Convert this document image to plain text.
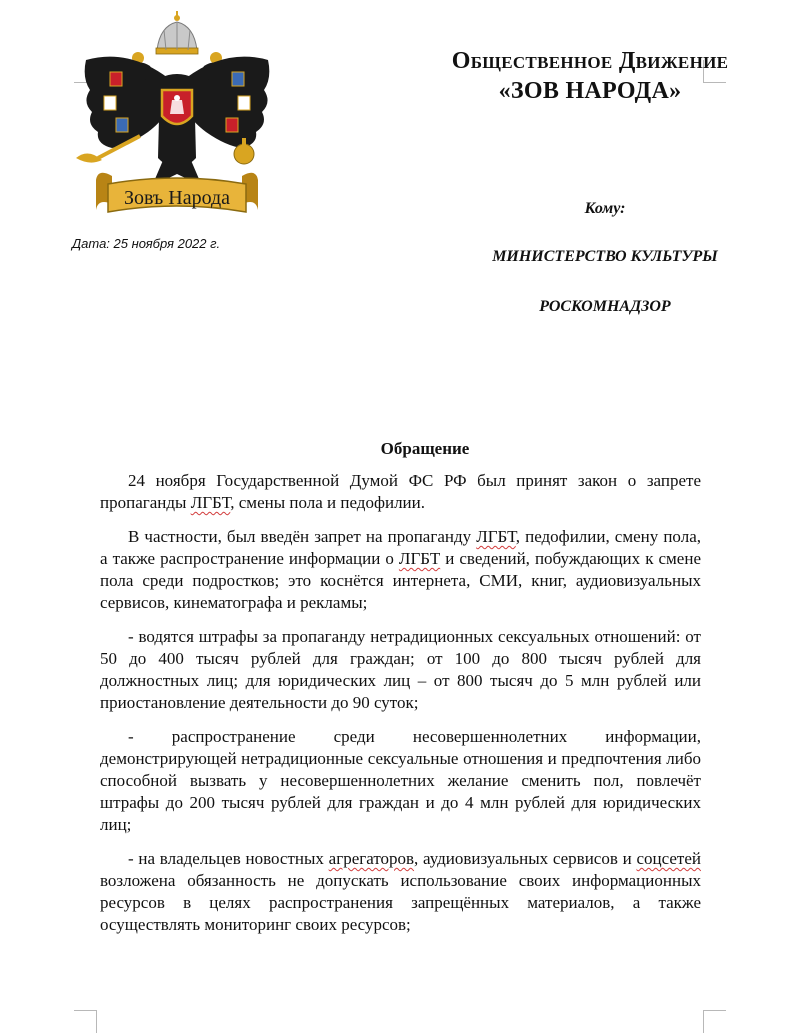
Зовъ Народа
Общественное Движение
«ЗОВ НАРОДА»
Дата: 25 ноября 2022 г.
Кому:
МИНИСТЕРСТВО КУЛЬТУРЫ
РОСКОМНАДЗОР
Обращение

24 ноября Государственной Думой ФС РФ был принят закон о запрете пропаганды ЛГБТ, смены пола и педофилии.

В частности, был введён запрет на пропаганду ЛГБТ, педофилии, смену пола, а также распространение информации о ЛГБТ и сведений, побуждающих к смене пола среди подростков; это коснётся интернета, СМИ, книг, аудиовизуальных сервисов, кинематографа и рекламы;

- водятся штрафы за пропаганду нетрадиционных сексуальных отношений: от 50 до 400 тысяч рублей для граждан; от 100 до 800 тысяч рублей для должностных лиц; для юридических лиц – от 800 тысяч до 5 млн рублей или приостановление деятельности до 90 суток;

- распространение среди несовершеннолетних информации, демонстрирующей нетрадиционные сексуальные отношения и предпочтения либо способной вызвать у несовершеннолетних желание сменить пол, повлечёт штрафы до 200 тысяч рублей для граждан и до 4 млн рублей для юридических лиц;

- на владельцев новостных агрегаторов, аудиовизуальных сервисов и соцсетей возложена обязанность не допускать использование своих информационных ресурсов в целях распространения запрещённых материалов, а также осуществлять мониторинг своих ресурсов;
